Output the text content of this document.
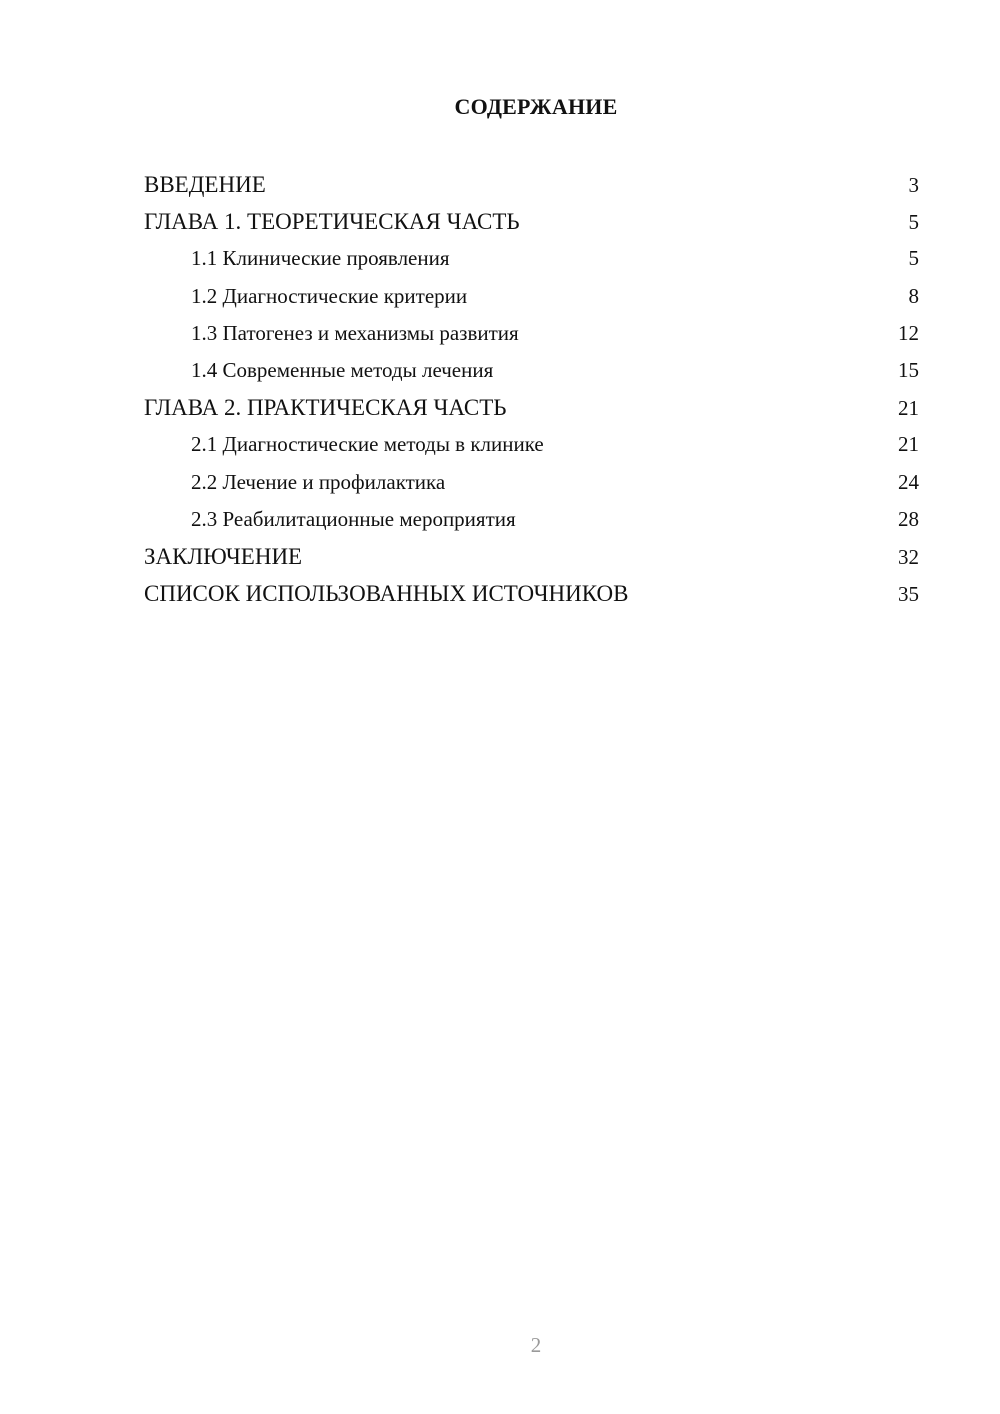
СОДЕРЖАНИЕ
ВВЕДЕНИЕ	3
ГЛАВА 1. ТЕОРЕТИЧЕСКАЯ ЧАСТЬ	5
1.1 Клинические проявления	5
1.2 Диагностические критерии	8
1.3 Патогенез и механизмы развития	12
1.4 Современные методы лечения	15
ГЛАВА 2. ПРАКТИЧЕСКАЯ ЧАСТЬ	21
2.1 Диагностические методы в клинике	21
2.2 Лечение и профилактика	24
2.3 Реабилитационные мероприятия	28
ЗАКЛЮЧЕНИЕ	32
СПИСОК ИСПОЛЬЗОВАННЫХ ИСТОЧНИКОВ	35
2
